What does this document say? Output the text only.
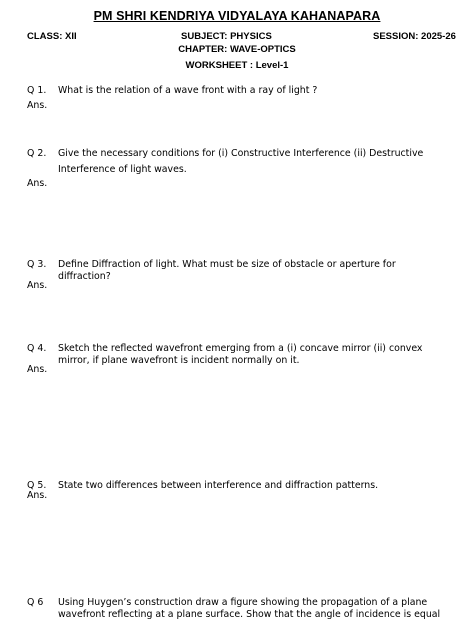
PM SHRI KENDRIYA VIDYALAYA KAHANAPARA
CLASS: XII	SUBJECT: PHYSICS	SESSION: 2025-26
CHAPTER: WAVE-OPTICS
WORKSHEET : Level-1
Q 1. What is the relation of a wave front with a ray of light ?
Ans.
Q 2. Give the necessary conditions for (i) Constructive Interference (ii) Destructive Interference of light waves.
Ans.
Q 3. Define Diffraction of light. What must be size of obstacle or aperture for diffraction?
Ans.
Q 4. Sketch the reflected wavefront emerging from a (i) concave mirror (ii) convex mirror, if plane wavefront is incident normally on it.
Ans.
Q 5. State two differences between interference and diffraction patterns.
Ans.
Q 6 Using Huygen’s construction draw a figure showing the propagation of a plane wavefront reflecting at a plane surface. Show that the angle of incidence is equal
